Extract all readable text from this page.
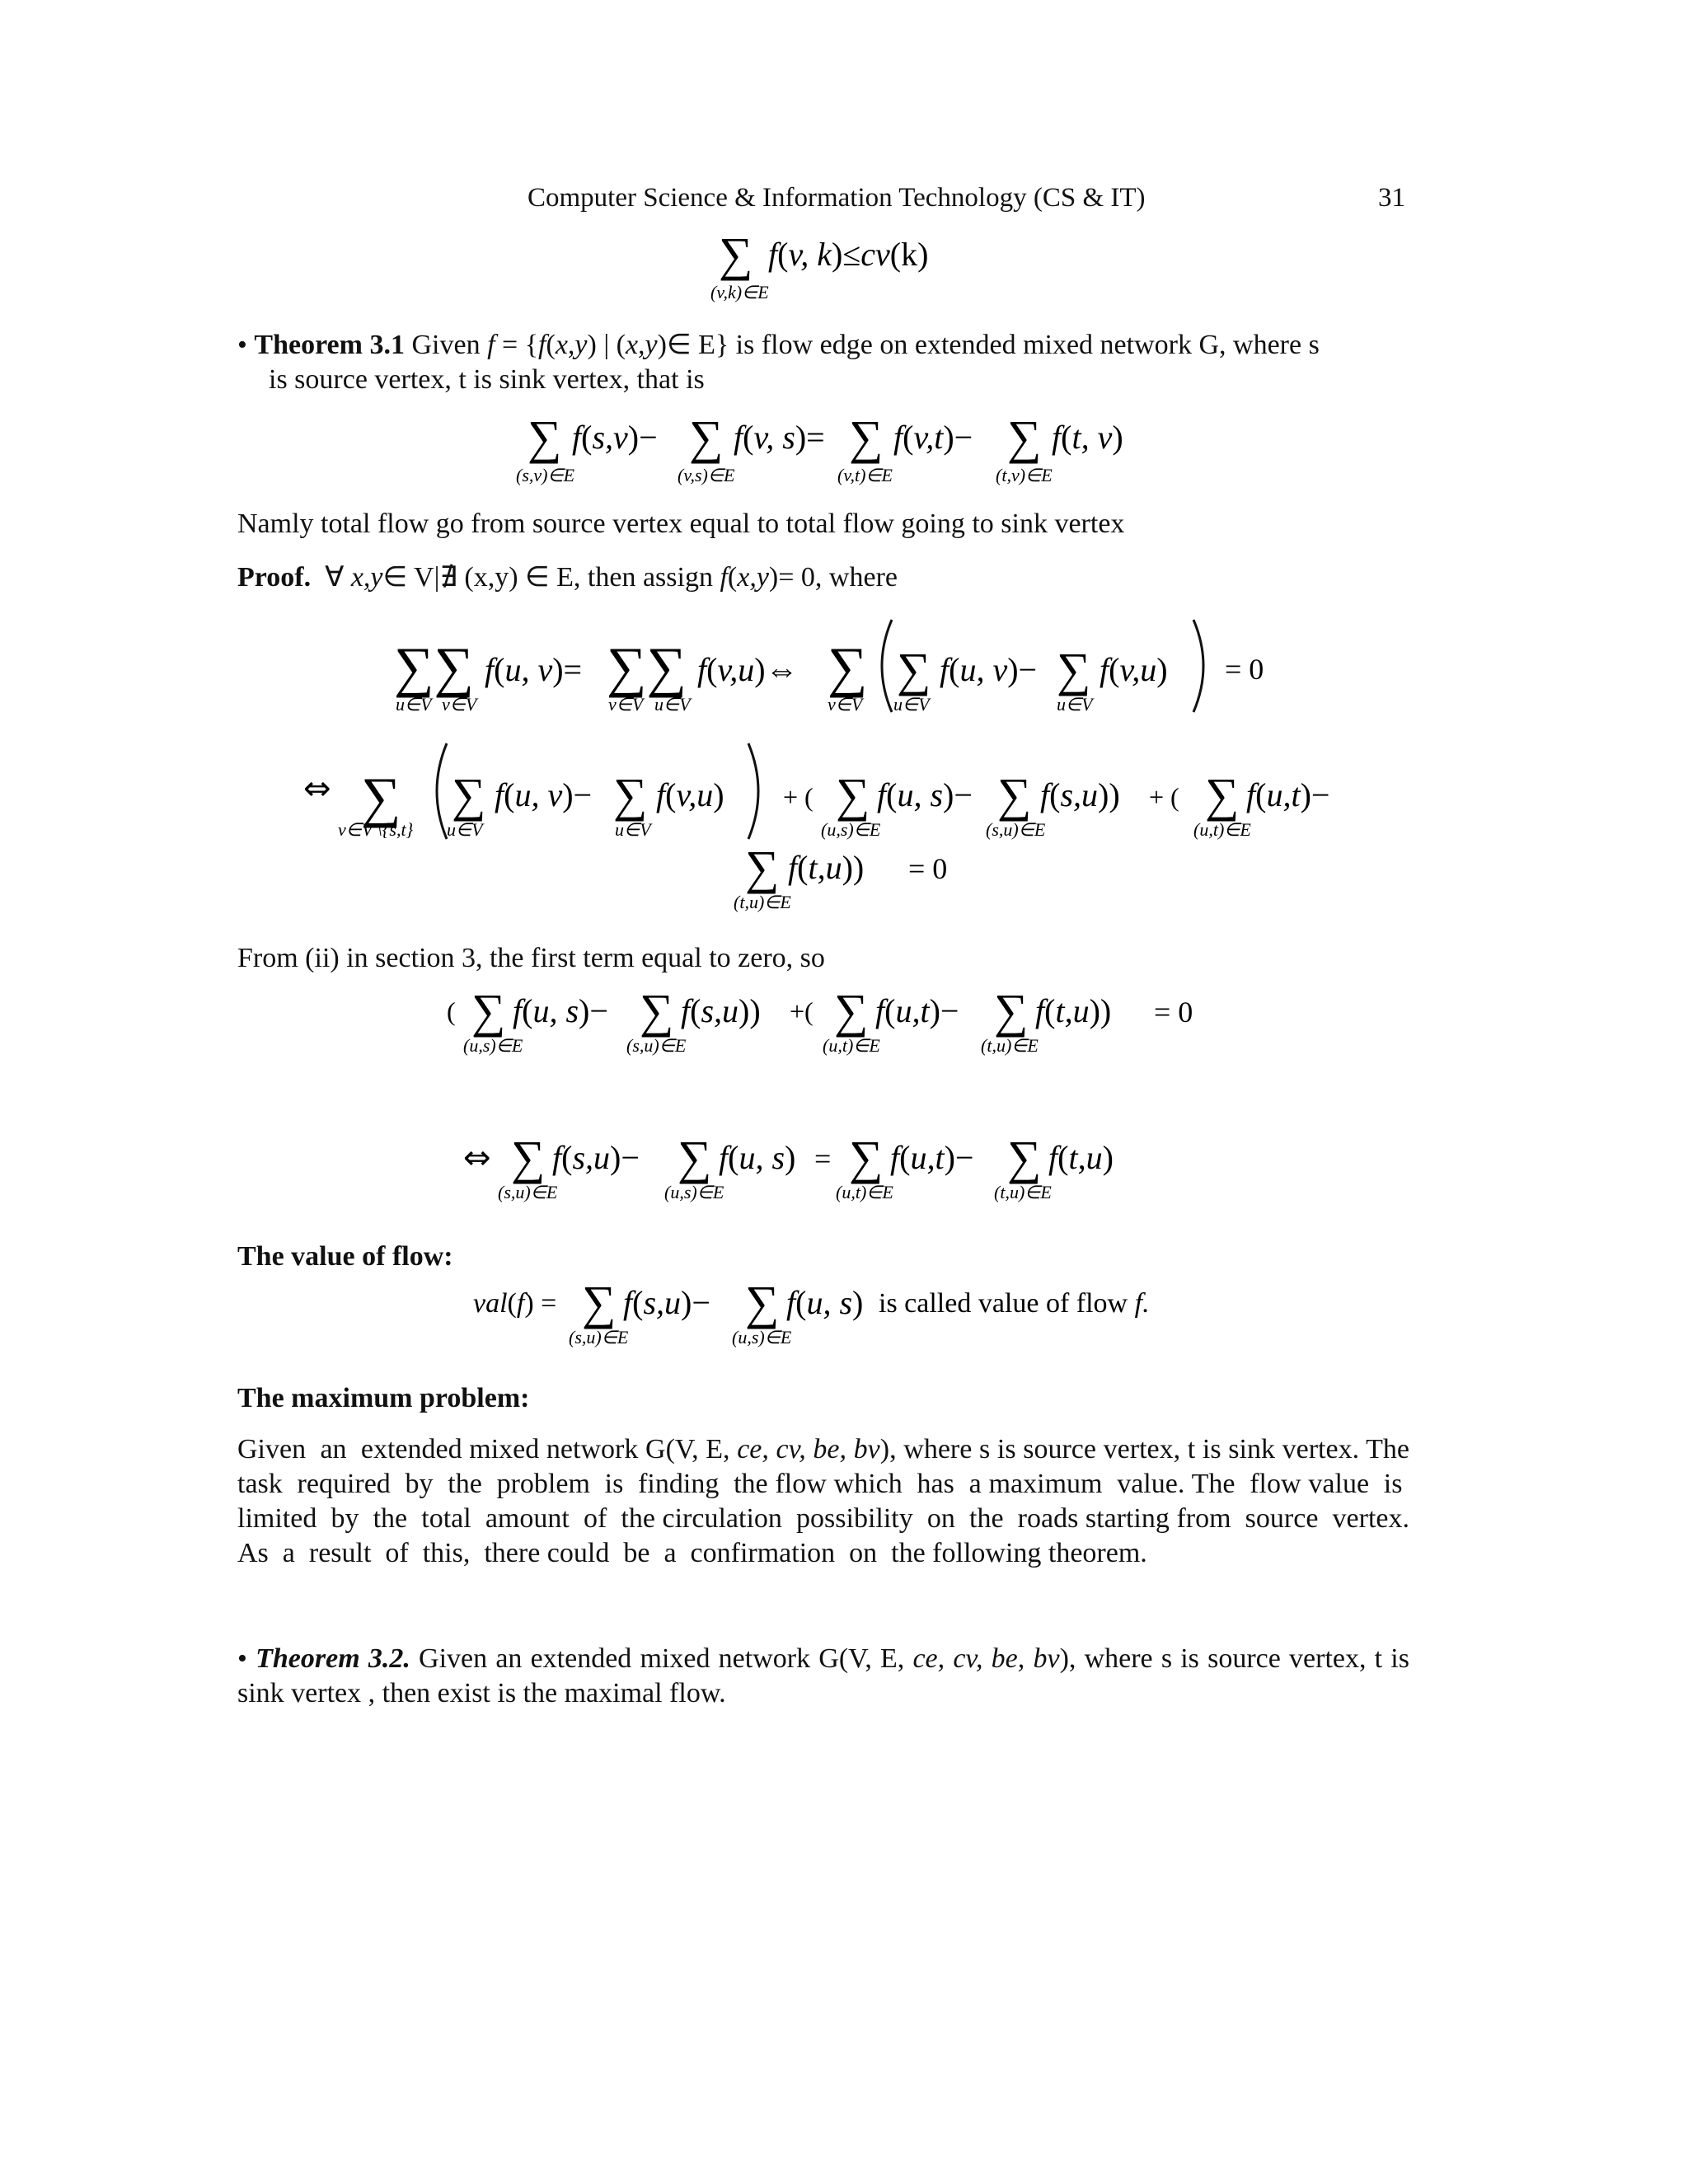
Computer Science & Information Technology (CS & IT)	31
∑ f(v, k)≤cv(k)
(v,k)∈E
∑ f(s,v)− ∑ f(v, s)= ∑ f(v,t)− ∑ f(t, v)
(s,v)∈E	(v,s)∈E	(v,t)∈E	(t,v)∈E
∑∑ f(u, v)= ∑∑ f(v,u)⇔ ∑ ∑ f(u, v)− ∑ f(v,u) = 0
u∈V v∈V	v∈V u∈V	v∈V u∈V	u∈V
⇔ ∑ ∑ f(u, v)− ∑ f(v,u) + ( ∑ f(u, s)− ∑ f(s,u)) + ( ∑ f(u,t)−
v∈V \{s,t} u∈V	u∈V	(u,s)∈E	(s,u)∈E	(u,t)∈E
∑ f(t,u)) = 0
(t,u)∈E
( ∑ f(u, s)− ∑ f(s,u)) +( ∑ f(u,t)− ∑ f(t,u)) = 0
(u,s)∈E	(s,u)∈E	(u,t)∈E	(t,u)∈E
⇔ ∑ f(s,u)− ∑ f(u, s) = ∑ f(u,t)− ∑ f(t,u)
(s,u)∈E	(u,s)∈E	(u,t)∈E	(t,u)∈E
val(f) = ∑ f(s,u)− ∑ f(u, s) is called value of flow f.
(s,u)∈E	(u,s)∈E
• Theorem 3.1 Given f = {f(x,y) | (x,y)∈ E} is flow edge on extended mixed network G, where s
is source vertex, t is sink vertex, that is
Namly total flow go from source vertex equal to total flow going to sink vertex
Proof.  ∀ x,y∈ V|∄ (x,y) ∈ E, then assign f(x,y)= 0, where
From (ii) in section 3, the first term equal to zero, so
The value of flow:
The maximum problem:
Given  an  extended mixed network G(V, E, ce, cv, be, bv), where s is source vertex, t is sink vertex. The task  required  by  the  problem  is  finding  the flow which  has  a maximum  value. The  flow value  is  limited  by  the  total  amount  of  the circulation  possibility  on  the  roads starting from  source  vertex. As  a  result  of  this,  there could  be  a  confirmation  on  the following theorem.
• Theorem 3.2. Given an extended mixed network G(V, E, ce, cv, be, bv), where s is source vertex, t is sink vertex , then exist is the maximal flow.
